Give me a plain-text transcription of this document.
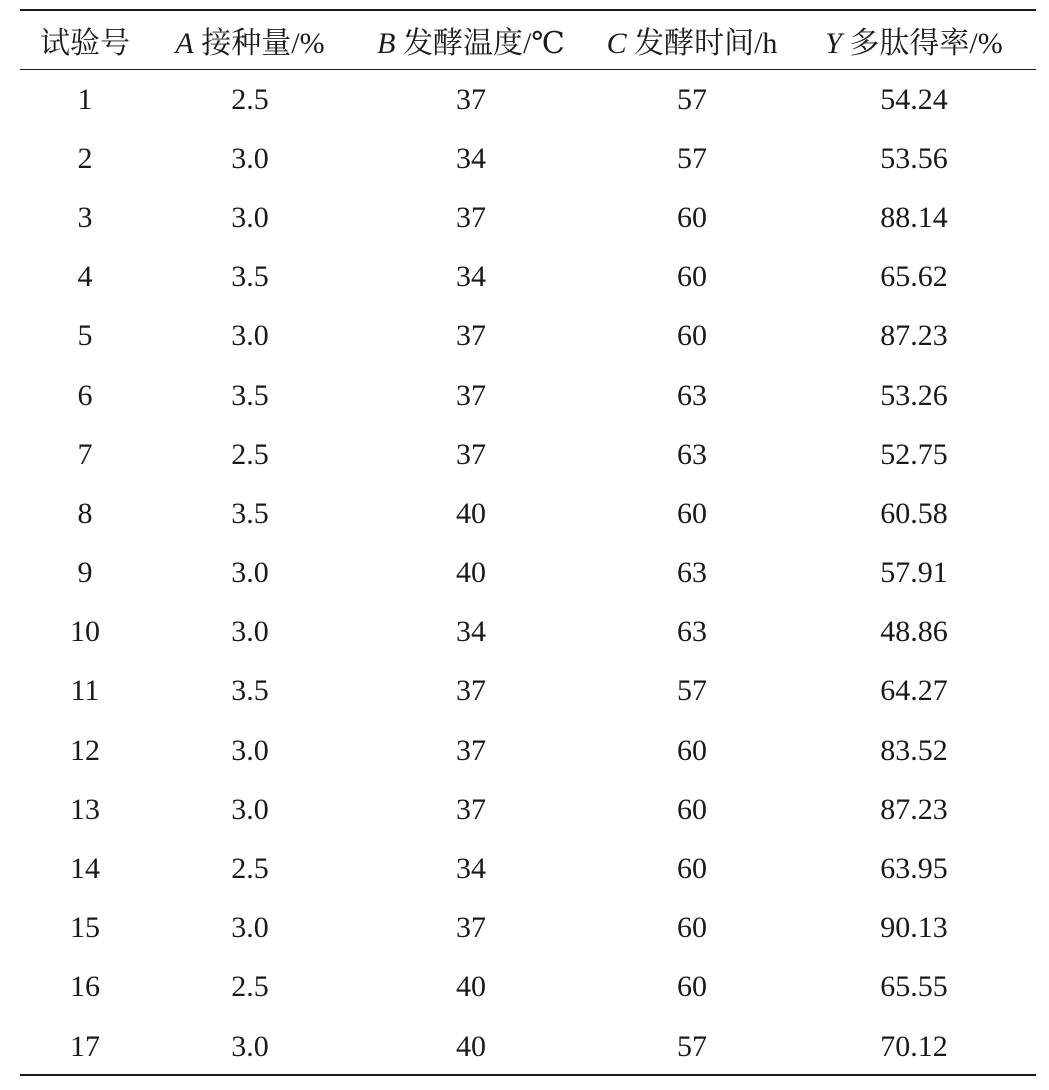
试验号	A 接种量/%	B 发酵温度/℃	C 发酵时间/h	Y 多肽得率/%
1	2.5	37	57	54.24
2	3.0	34	57	53.56
3	3.0	37	60	88.14
4	3.5	34	60	65.62
5	3.0	37	60	87.23
6	3.5	37	63	53.26
7	2.5	37	63	52.75
8	3.5	40	60	60.58
9	3.0	40	63	57.91
10	3.0	34	63	48.86
11	3.5	37	57	64.27
12	3.0	37	60	83.52
13	3.0	37	60	87.23
14	2.5	34	60	63.95
15	3.0	37	60	90.13
16	2.5	40	60	65.55
17	3.0	40	57	70.12
